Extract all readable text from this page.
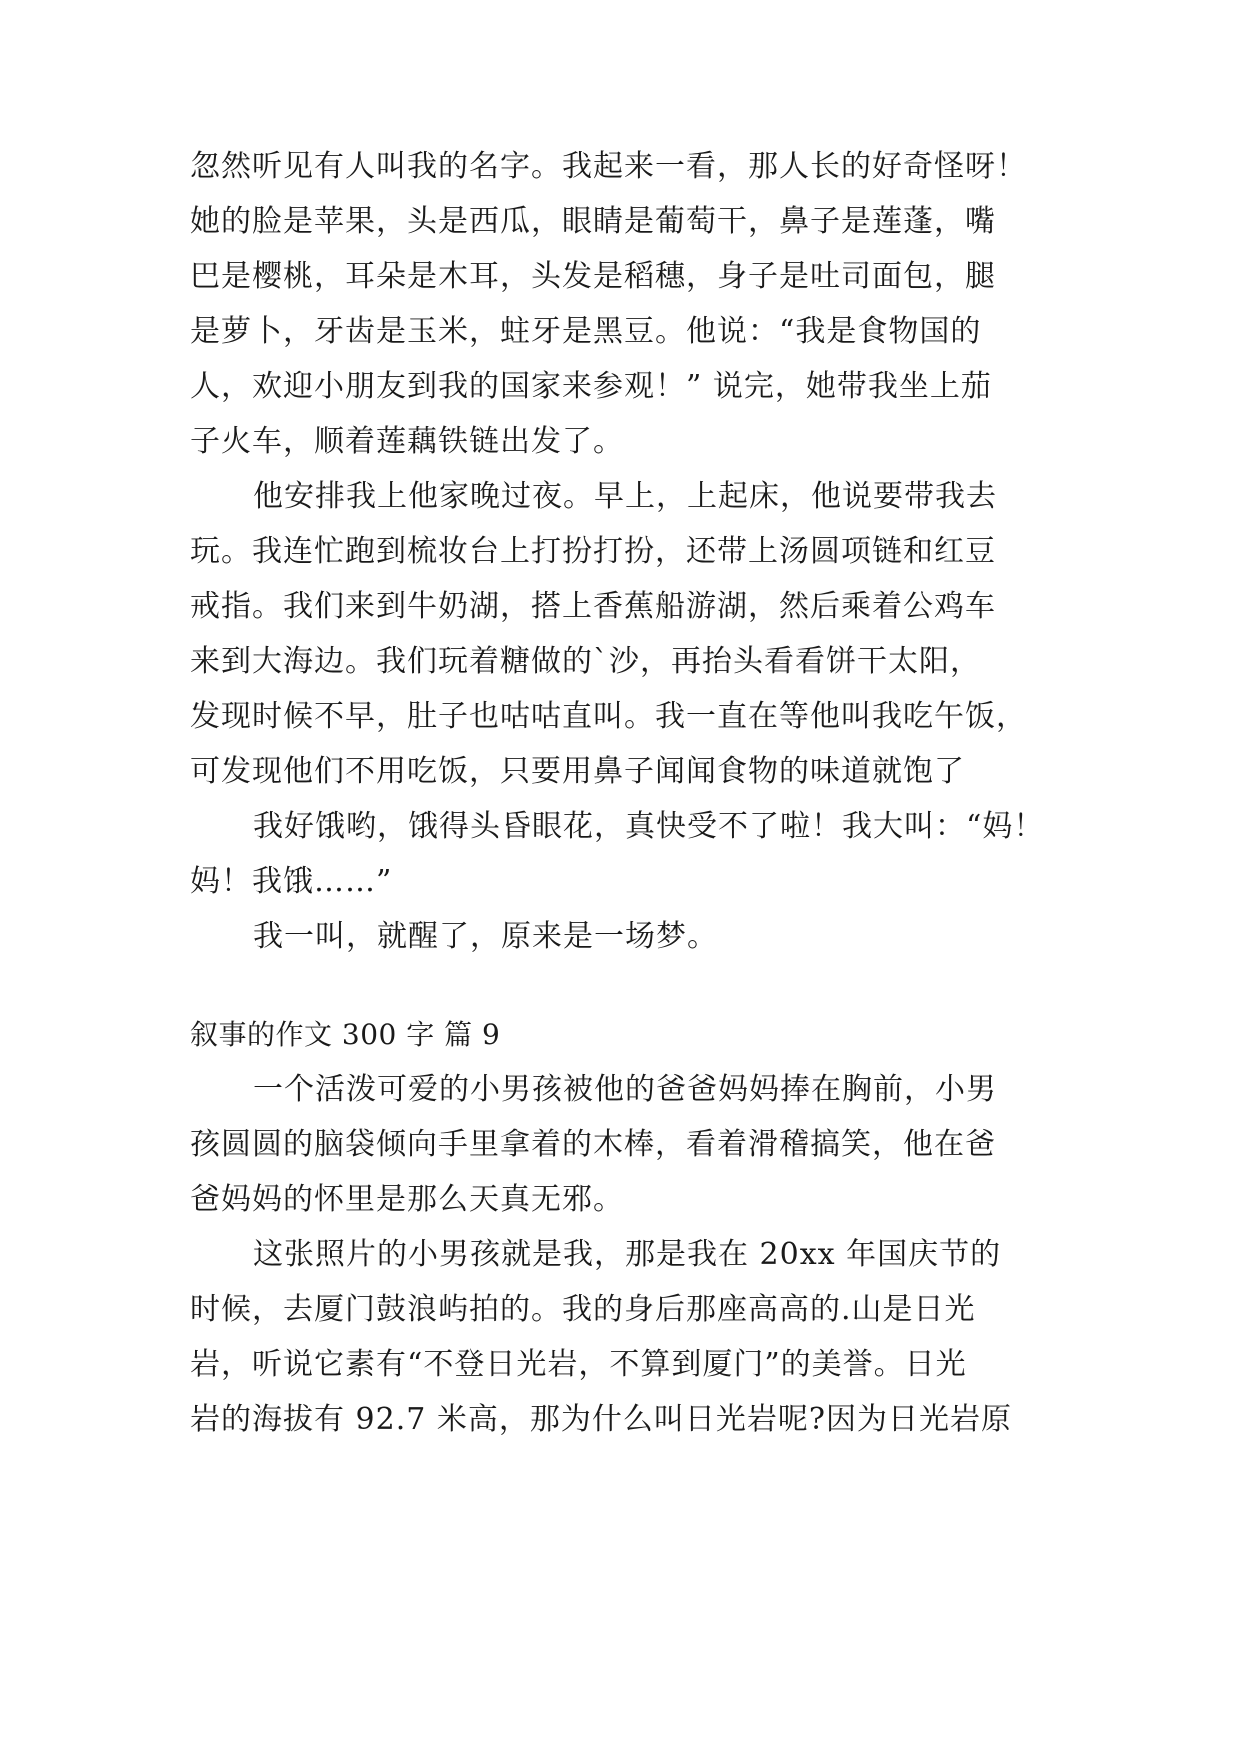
忽然听见有人叫我的名字。我起来一看，那人长的好奇怪呀！
她的脸是苹果，头是西瓜，眼睛是葡萄干，鼻子是莲蓬，嘴
巴是樱桃，耳朵是木耳，头发是稻穗，身子是吐司面包，腿
是萝卜，牙齿是玉米，蛀牙是黑豆。他说：“我是食物国的
人，欢迎小朋友到我的国家来参观！” 说完，她带我坐上茄
子火车，顺着莲藕铁链出发了。
他安排我上他家晚过夜。早上，上起床，他说要带我去
玩。我连忙跑到梳妆台上打扮打扮，还带上汤圆项链和红豆
戒指。我们来到牛奶湖，搭上香蕉船游湖，然后乘着公鸡车
来到大海边。我们玩着糖做的`沙，再抬头看看饼干太阳，
发现时候不早，肚子也咕咕直叫。我一直在等他叫我吃午饭，
可发现他们不用吃饭，只要用鼻子闻闻食物的味道就饱了
我好饿哟，饿得头昏眼花，真快受不了啦！我大叫：“妈！
妈！我饿……”
我一叫，就醒了，原来是一场梦。
叙事的作文 300 字 篇 9
一个活泼可爱的小男孩被他的爸爸妈妈捧在胸前，小男
孩圆圆的脑袋倾向手里拿着的木棒，看着滑稽搞笑，他在爸
爸妈妈的怀里是那么天真无邪。
这张照片的小男孩就是我，那是我在 20xx 年国庆节的
时候，去厦门鼓浪屿拍的。我的身后那座高高的.山是日光
岩，听说它素有“不登日光岩，不算到厦门”的美誉。日光
岩的海拔有 92.7 米高，那为什么叫日光岩呢?因为日光岩原
